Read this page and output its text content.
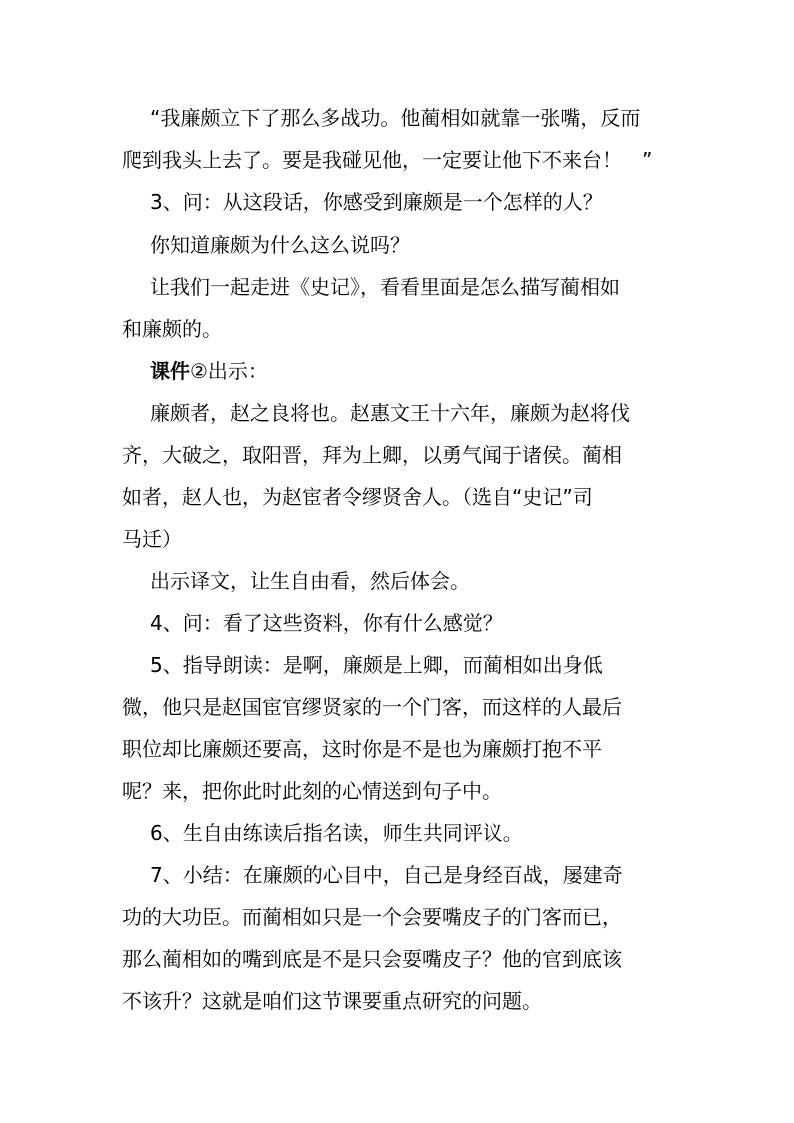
“我廉颇立下了那么多战功。他蔺相如就靠一张嘴，反而
爬到我头上去了。要是我碰见他，一定要让他下不来台！　”
3、问：从这段话，你感受到廉颇是一个怎样的人？
你知道廉颇为什么这么说吗？
让我们一起走进《史记》，看看里面是怎么描写蔺相如
和廉颇的。
课件②出示：
廉颇者，赵之良将也。赵惠文王十六年，廉颇为赵将伐
齐，大破之，取阳晋，拜为上卿，以勇气闻于诸侯。蔺相
如者，赵人也，为赵宦者令缪贤舍人。（选自“史记”司
马迁）
出示译文，让生自由看，然后体会。
4、问：看了这些资料，你有什么感觉？
5、指导朗读：是啊，廉颇是上卿，而蔺相如出身低
微，他只是赵国宦官缪贤家的一个门客，而这样的人最后
职位却比廉颇还要高，这时你是不是也为廉颇打抱不平
呢？来，把你此时此刻的心情送到句子中。
6、生自由练读后指名读，师生共同评议。
7、小结：在廉颇的心目中，自己是身经百战，屡建奇
功的大功臣。而蔺相如只是一个会要嘴皮子的门客而已，
那么蔺相如的嘴到底是不是只会耍嘴皮子？他的官到底该
不该升？这就是咱们这节课要重点研究的问题。
